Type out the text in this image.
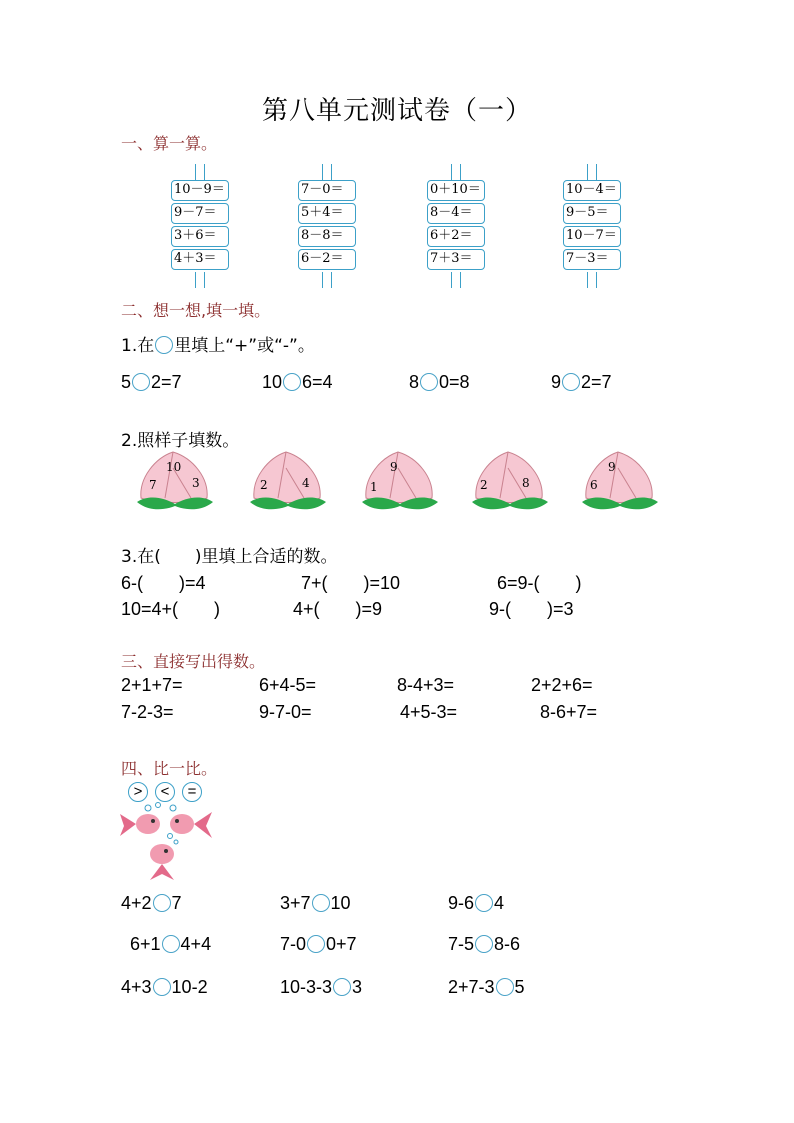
第八单元测试卷（一）
一、算一算。
10－9＝
9－7＝
3＋6＝
4＋3＝
7－0＝
5＋4＝
8－8＝
6－2＝
0＋10＝
8－4＝
6＋2＝
7＋3＝
10－4＝
9－5＝
10－7＝
7－3＝
二、想一想,填一填。
1.在 里填上“+”或“-”。
5 2=7	10 6=4	8 0=8	9 2=7
2.照样子填数。
10
7	3	2	4
9
1	2	8
9
6
3.在(　　)里填上合适的数。
6-(　　)=4	7+(　　)=10	6=9-(　　)
10=4+(　　)	4+(　　)=9	9-(　　)=3
三、直接写出得数。
2+1+7=	6+4-5=	8-4+3=	2+2+6=
7-2-3=	9-7-0=	4+5-3=	8-6+7=
四、比一比。
>	<	=
4+2 7	3+7 10	9-6 4
6+1 4+4	7-0 0+7	7-5 8-6
4+3 10-2	10-3-3 3	2+7-3 5
